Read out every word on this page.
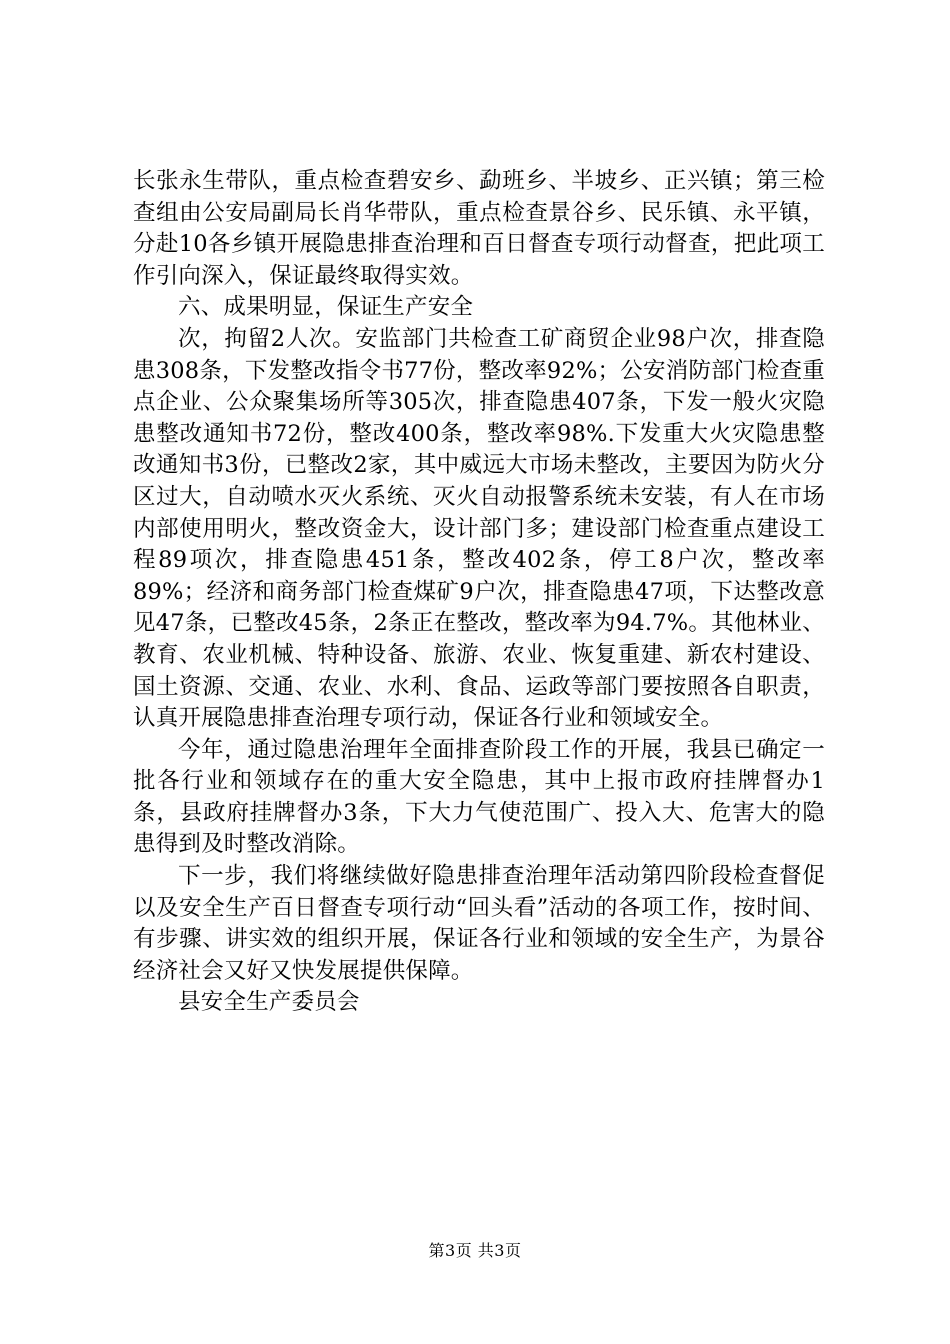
长张永生带队，重点检查碧安乡、勐班乡、半坡乡、正兴镇；第三检查组由公安局副局长肖华带队，重点检查景谷乡、民乐镇、永平镇，分赴10各乡镇开展隐患排查治理和百日督查专项行动督查，把此项工作引向深入，保证最终取得实效。

六、成果明显，保证生产安全

次，拘留2人次。安监部门共检查工矿商贸企业98户次，排查隐患308条，下发整改指令书77份，整改率92%；公安消防部门检查重点企业、公众聚集场所等305次，排查隐患407条，下发一般火灾隐患整改通知书72份，整改400条，整改率98%.下发重大火灾隐患整改通知书3份，已整改2家，其中威远大市场未整改，主要因为防火分区过大，自动喷水灭火系统、灭火自动报警系统未安装，有人在市场内部使用明火，整改资金大，设计部门多；建设部门检查重点建设工程89项次，排查隐患451条，整改402条，停工8户次，整改率89%；经济和商务部门检查煤矿9户次，排查隐患47项，下达整改意见47条，已整改45条，2条正在整改，整改率为94.7%。其他林业、教育、农业机械、特种设备、旅游、农业、恢复重建、新农村建设、国土资源、交通、农业、水利、食品、运政等部门要按照各自职责，认真开展隐患排查治理专项行动，保证各行业和领域安全。

今年，通过隐患治理年全面排查阶段工作的开展，我县已确定一批各行业和领域存在的重大安全隐患，其中上报市政府挂牌督办1条，县政府挂牌督办3条，下大力气使范围广、投入大、危害大的隐患得到及时整改消除。

下一步，我们将继续做好隐患排查治理年活动第四阶段检查督促以及安全生产百日督查专项行动“回头看”活动的各项工作，按时间、有步骤、讲实效的组织开展，保证各行业和领域的安全生产，为景谷经济社会又好又快发展提供保障。

县安全生产委员会

第3页 共3页
